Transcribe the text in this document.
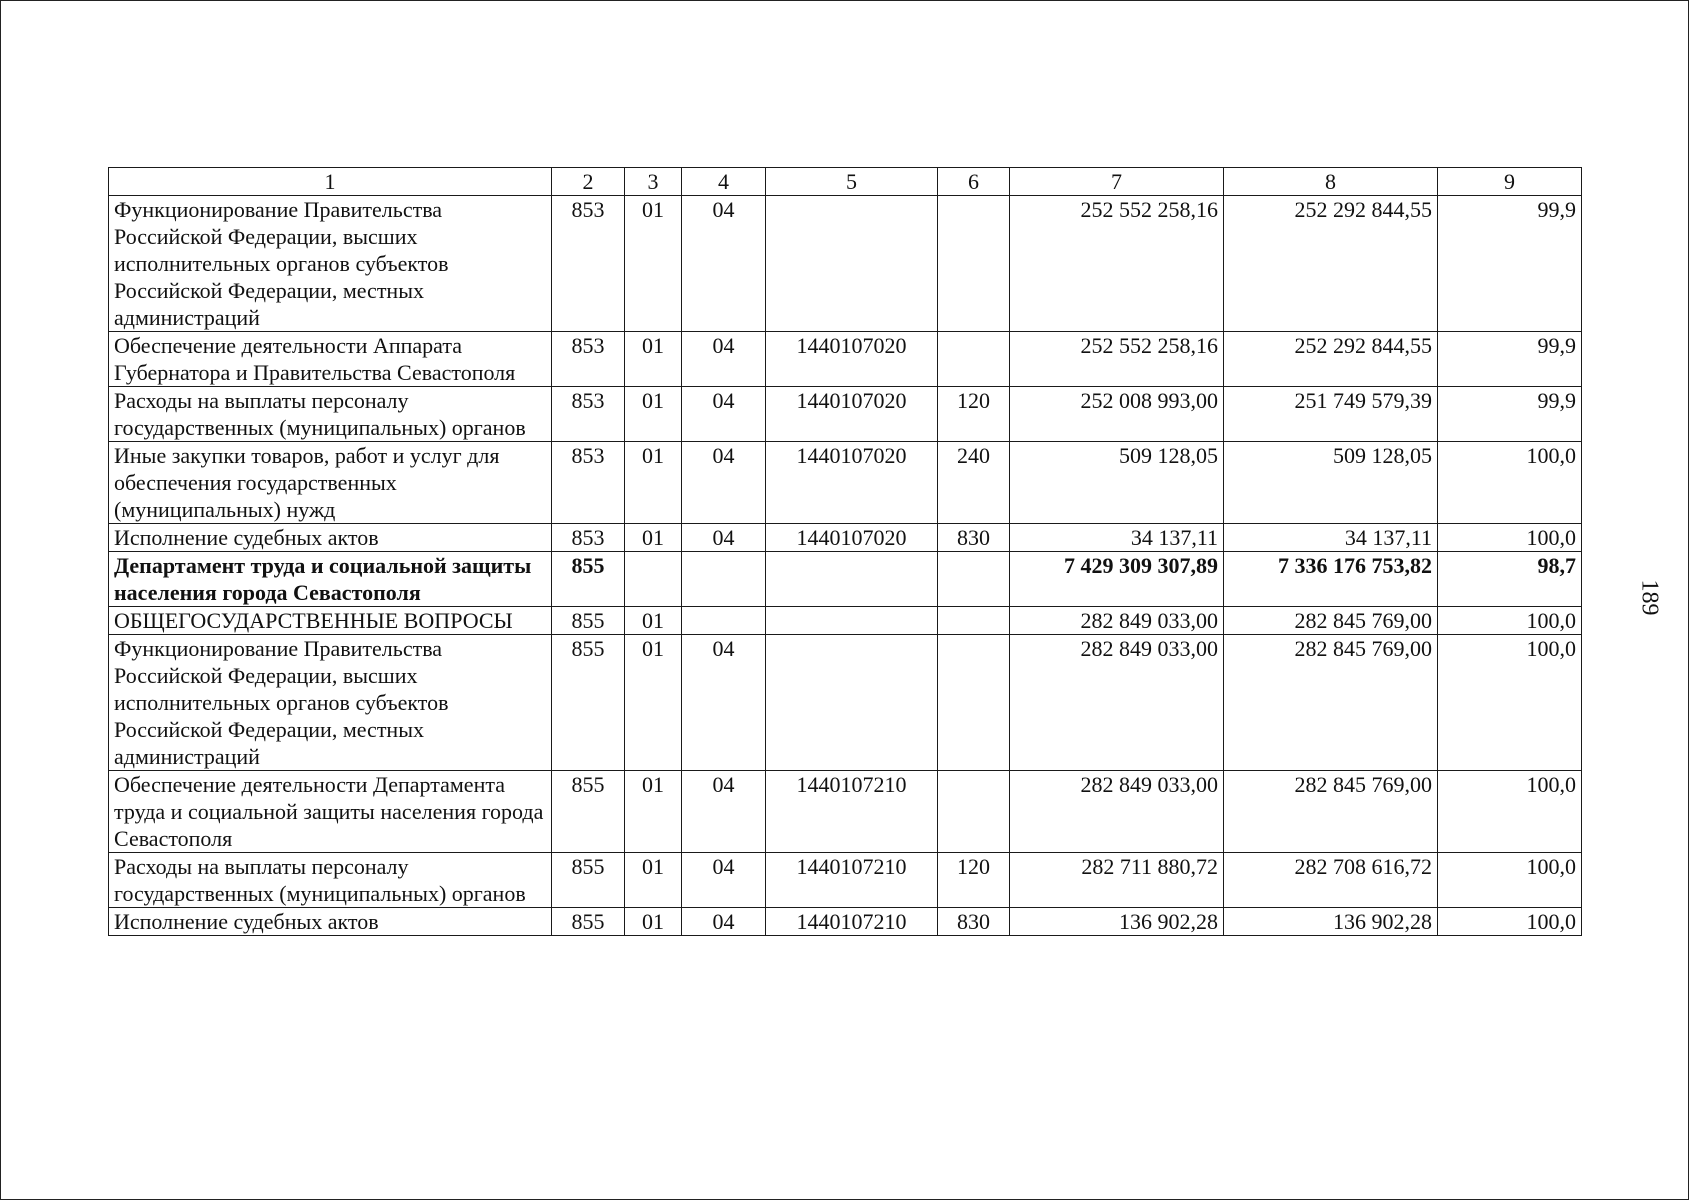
1	2	3	4	5	6	7	8	9
Функционирование Правительства Российской Федерации, высших исполнительных органов субъектов Российской Федерации, местных администраций	853	01	04			252 552 258,16	252 292 844,55	99,9
Обеспечение деятельности Аппарата Губернатора и Правительства Севастополя	853	01	04	1440107020		252 552 258,16	252 292 844,55	99,9
Расходы на выплаты персоналу государственных (муниципальных) органов	853	01	04	1440107020	120	252 008 993,00	251 749 579,39	99,9
Иные закупки товаров, работ и услуг для обеспечения государственных (муниципальных) нужд	853	01	04	1440107020	240	509 128,05	509 128,05	100,0
Исполнение судебных актов	853	01	04	1440107020	830	34 137,11	34 137,11	100,0
Департамент труда и социальной защиты населения города Севастополя	855					7 429 309 307,89	7 336 176 753,82	98,7
ОБЩЕГОСУДАРСТВЕННЫЕ ВОПРОСЫ	855	01				282 849 033,00	282 845 769,00	100,0
Функционирование Правительства Российской Федерации, высших исполнительных органов субъектов Российской Федерации, местных администраций	855	01	04			282 849 033,00	282 845 769,00	100,0
Обеспечение деятельности Департамента труда и социальной защиты населения города Севастополя	855	01	04	1440107210		282 849 033,00	282 845 769,00	100,0
Расходы на выплаты персоналу государственных (муниципальных) органов	855	01	04	1440107210	120	282 711 880,72	282 708 616,72	100,0
Исполнение судебных актов	855	01	04	1440107210	830	136 902,28	136 902,28	100,0
189
